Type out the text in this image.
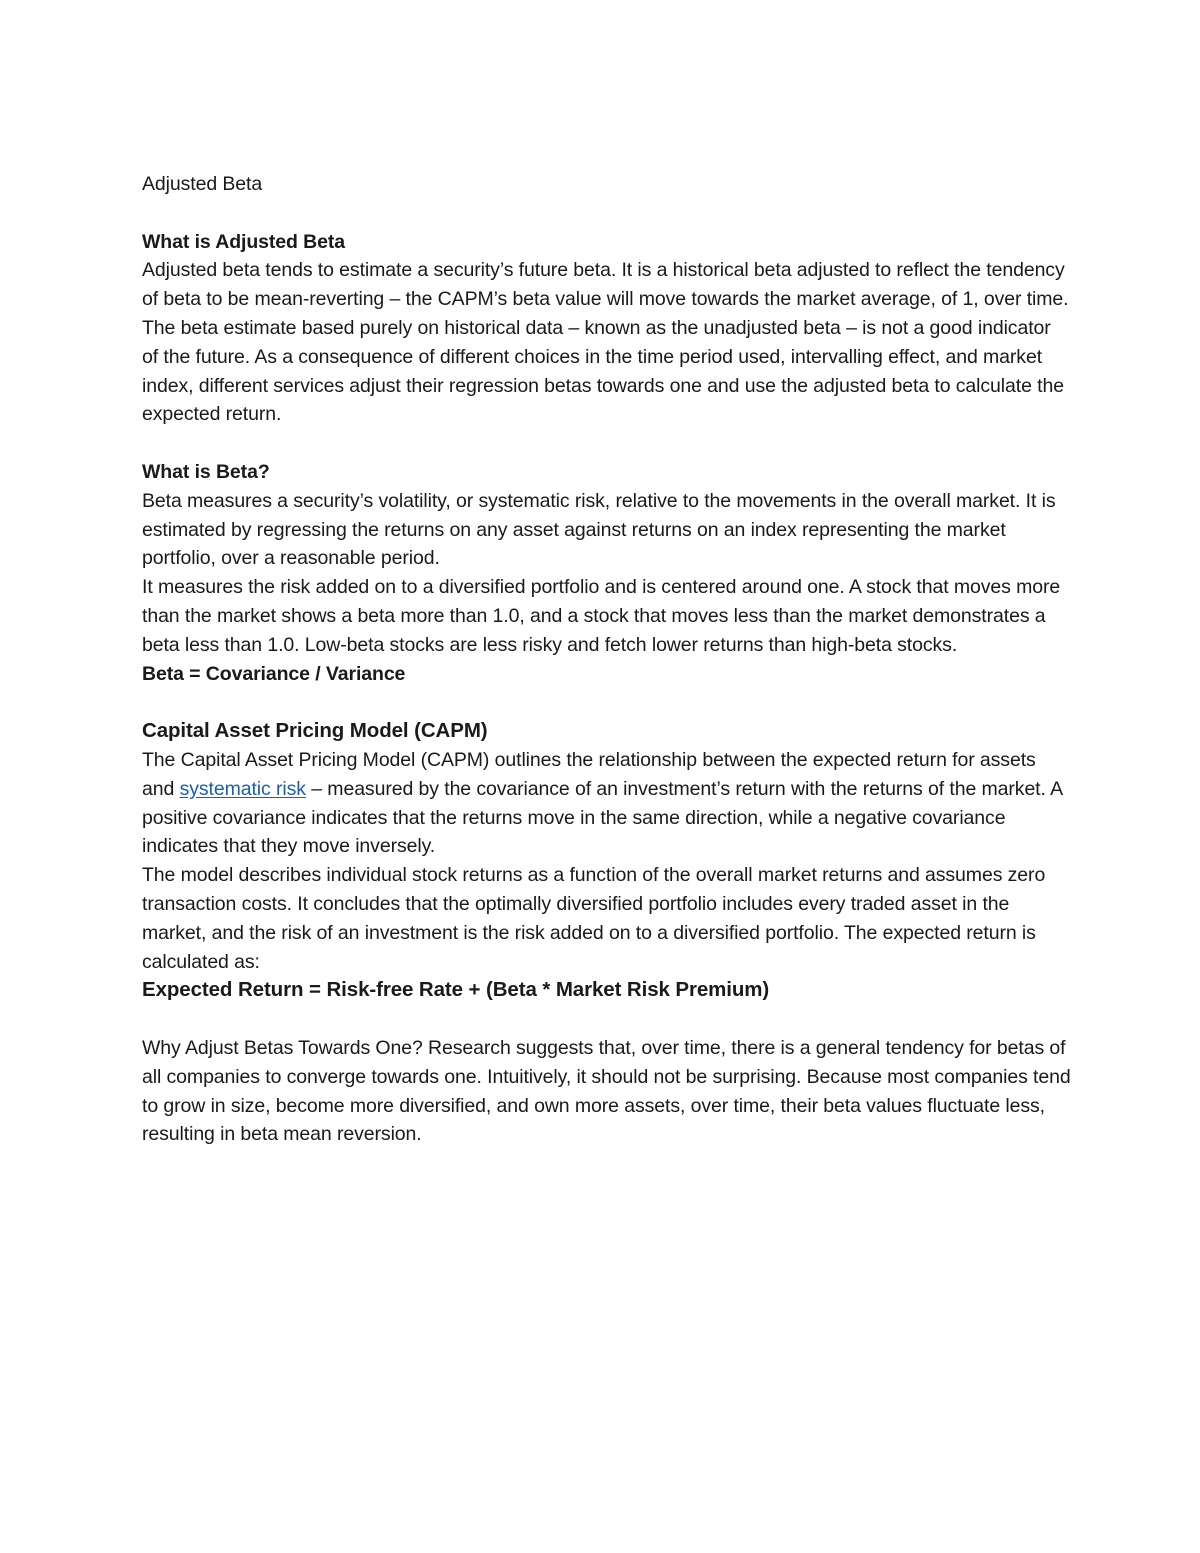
Adjusted Beta

What is Adjusted Beta

Adjusted beta tends to estimate a security’s future beta. It is a historical beta adjusted to reflect the tendency of beta to be mean-reverting – the CAPM’s beta value will move towards the market average, of 1, over time. The beta estimate based purely on historical data – known as the unadjusted beta – is not a good indicator of the future. As a consequence of different choices in the time period used, intervalling effect, and market index, different services adjust their regression betas towards one and use the adjusted beta to calculate the expected return.

What is Beta?

Beta measures a security’s volatility, or systematic risk, relative to the movements in the overall market. It is estimated by regressing the returns on any asset against returns on an index representing the market portfolio, over a reasonable period.

It measures the risk added on to a diversified portfolio and is centered around one. A stock that moves more than the market shows a beta more than 1.0, and a stock that moves less than the market demonstrates a beta less than 1.0. Low-beta stocks are less risky and fetch lower returns than high-beta stocks.

Beta = Covariance / Variance

Capital Asset Pricing Model (CAPM)

The Capital Asset Pricing Model (CAPM) outlines the relationship between the expected return for assets and systematic risk – measured by the covariance of an investment’s return with the returns of the market. A positive covariance indicates that the returns move in the same direction, while a negative covariance indicates that they move inversely.

The model describes individual stock returns as a function of the overall market returns and assumes zero transaction costs. It concludes that the optimally diversified portfolio includes every traded asset in the market, and the risk of an investment is the risk added on to a diversified portfolio. The expected return is calculated as:

Expected Return = Risk-free Rate + (Beta * Market Risk Premium)

Why Adjust Betas Towards One? Research suggests that, over time, there is a general tendency for betas of all companies to converge towards one. Intuitively, it should not be surprising. Because most companies tend to grow in size, become more diversified, and own more assets, over time, their beta values fluctuate less, resulting in beta mean reversion.
